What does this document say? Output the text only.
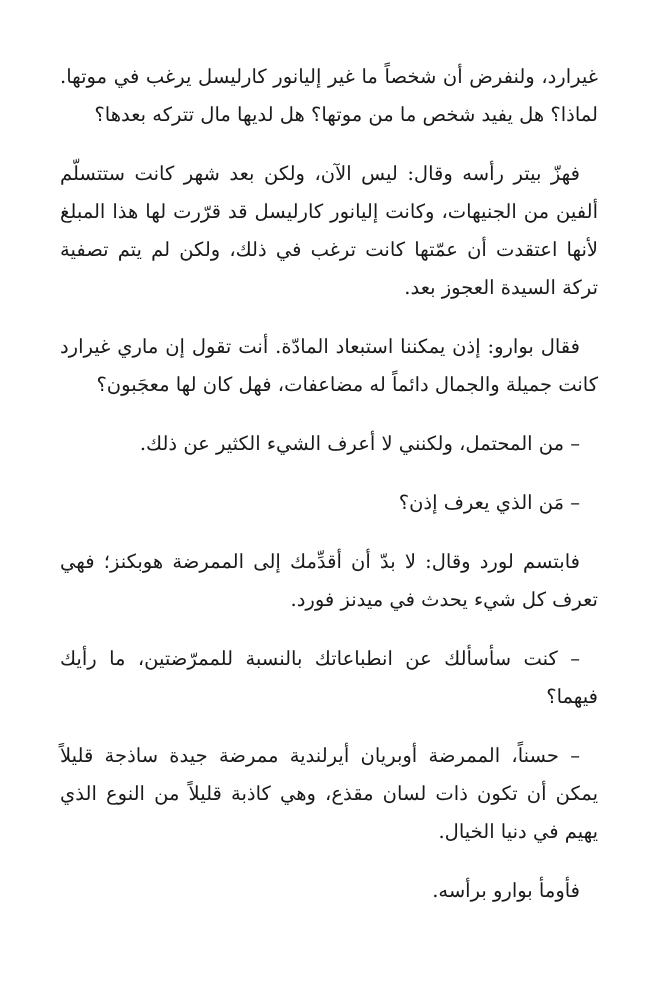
غيرارد، ولنفرض أن شخصاً ما غير إليانور كارليسل يرغب في موتها. لماذا؟ هل يفيد شخص ما من موتها؟ هل لديها مال تتركه بعدها؟

فهزّ بيتر رأسه وقال: ليس الآن، ولكن بعد شهر كانت ستتسلّم ألفين من الجنيهات، وكانت إليانور كارليسل قد قرّرت لها هذا المبلغ لأنها اعتقدت أن عمّتها كانت ترغب في ذلك، ولكن لم يتم تصفية تركة السيدة العجوز بعد.

فقال بوارو: إذن يمكننا استبعاد المادّة. أنت تقول إن ماري غيرارد كانت جميلة والجمال دائماً له مضاعفات، فهل كان لها معجَبون؟

– من المحتمل، ولكنني لا أعرف الشيء الكثير عن ذلك.

– مَن الذي يعرف إذن؟

فابتسم لورد وقال: لا بدّ أن أقدِّمك إلى الممرضة هوبكنز؛ فهي تعرف كل شيء يحدث في ميدنز فورد.

– كنت سأسألك عن انطباعاتك بالنسبة للممرّضتين، ما رأيك فيهما؟

– حسناً، الممرضة أوبريان أيرلندية ممرضة جيدة ساذجة قليلاً يمكن أن تكون ذات لسان مقذع، وهي كاذبة قليلاً من النوع الذي يهيم في دنيا الخيال.

فأومأ بوارو برأسه.
